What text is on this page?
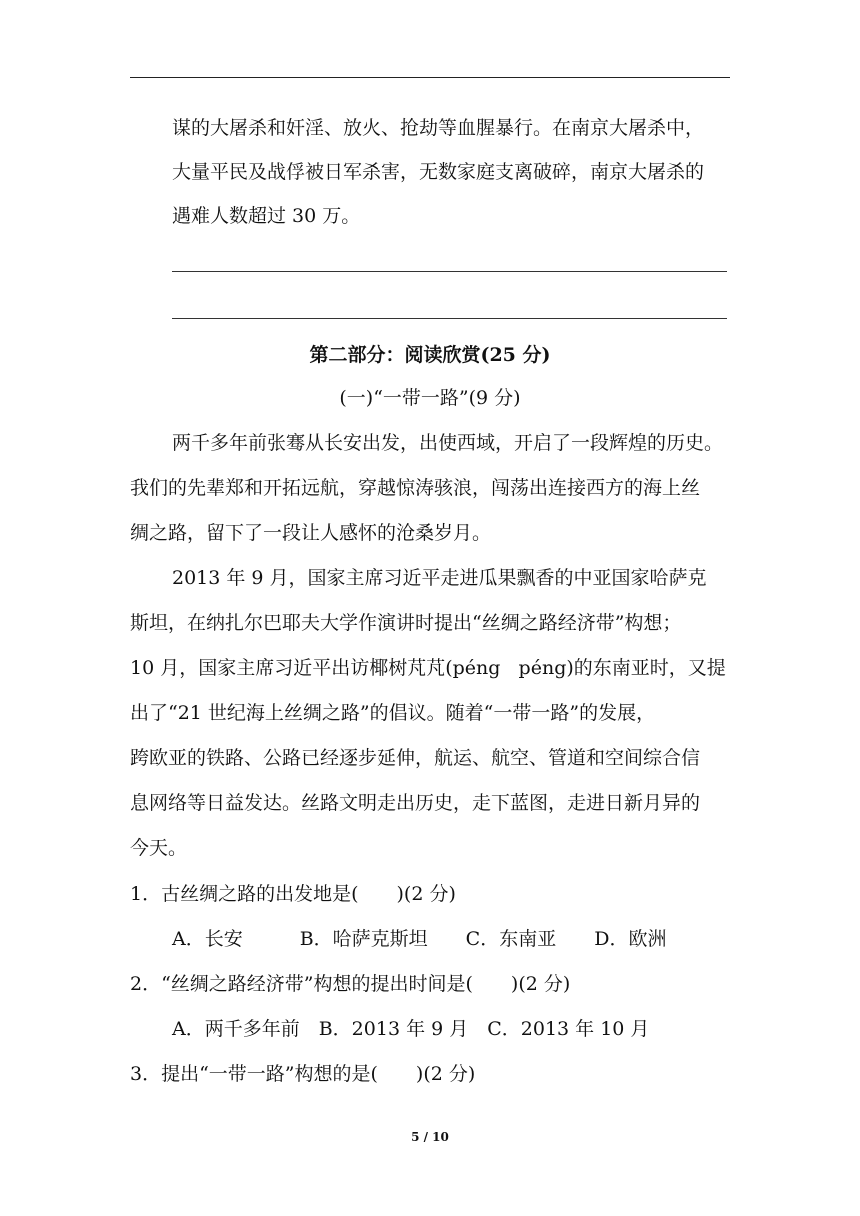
谋的大屠杀和奸淫、放火、抢劫等血腥暴行。在南京大屠杀中，
大量平民及战俘被日军杀害，无数家庭支离破碎，南京大屠杀的
遇难人数超过 30 万。
第二部分：阅读欣赏(25 分)
(一)“一带一路”(9 分)
两千多年前张骞从长安出发，出使西域，开启了一段辉煌的历史。
我们的先辈郑和开拓远航，穿越惊涛骇浪，闯荡出连接西方的海上丝
绸之路，留下了一段让人感怀的沧桑岁月。
2013 年 9 月，国家主席习近平走进瓜果飘香的中亚国家哈萨克
斯坦，在纳扎尔巴耶夫大学作演讲时提出“丝绸之路经济带”构想；
10 月，国家主席习近平出访椰树芃芃(péng   péng)的东南亚时，又提
出了“21 世纪海上丝绸之路”的倡议。随着“一带一路”的发展，
跨欧亚的铁路、公路已经逐步延伸，航运、航空、管道和空间综合信
息网络等日益发达。丝路文明走出历史，走下蓝图，走进日新月异的
今天。
1．古丝绸之路的出发地是(　　)(2 分)
A．长安　　　B．哈萨克斯坦　　C．东南亚　　D．欧洲
2．“丝绸之路经济带”构想的提出时间是(　　)(2 分)
A．两千多年前　B．2013 年 9 月　C．2013 年 10 月
3．提出“一带一路”构想的是(　　)(2 分)
5 / 10
